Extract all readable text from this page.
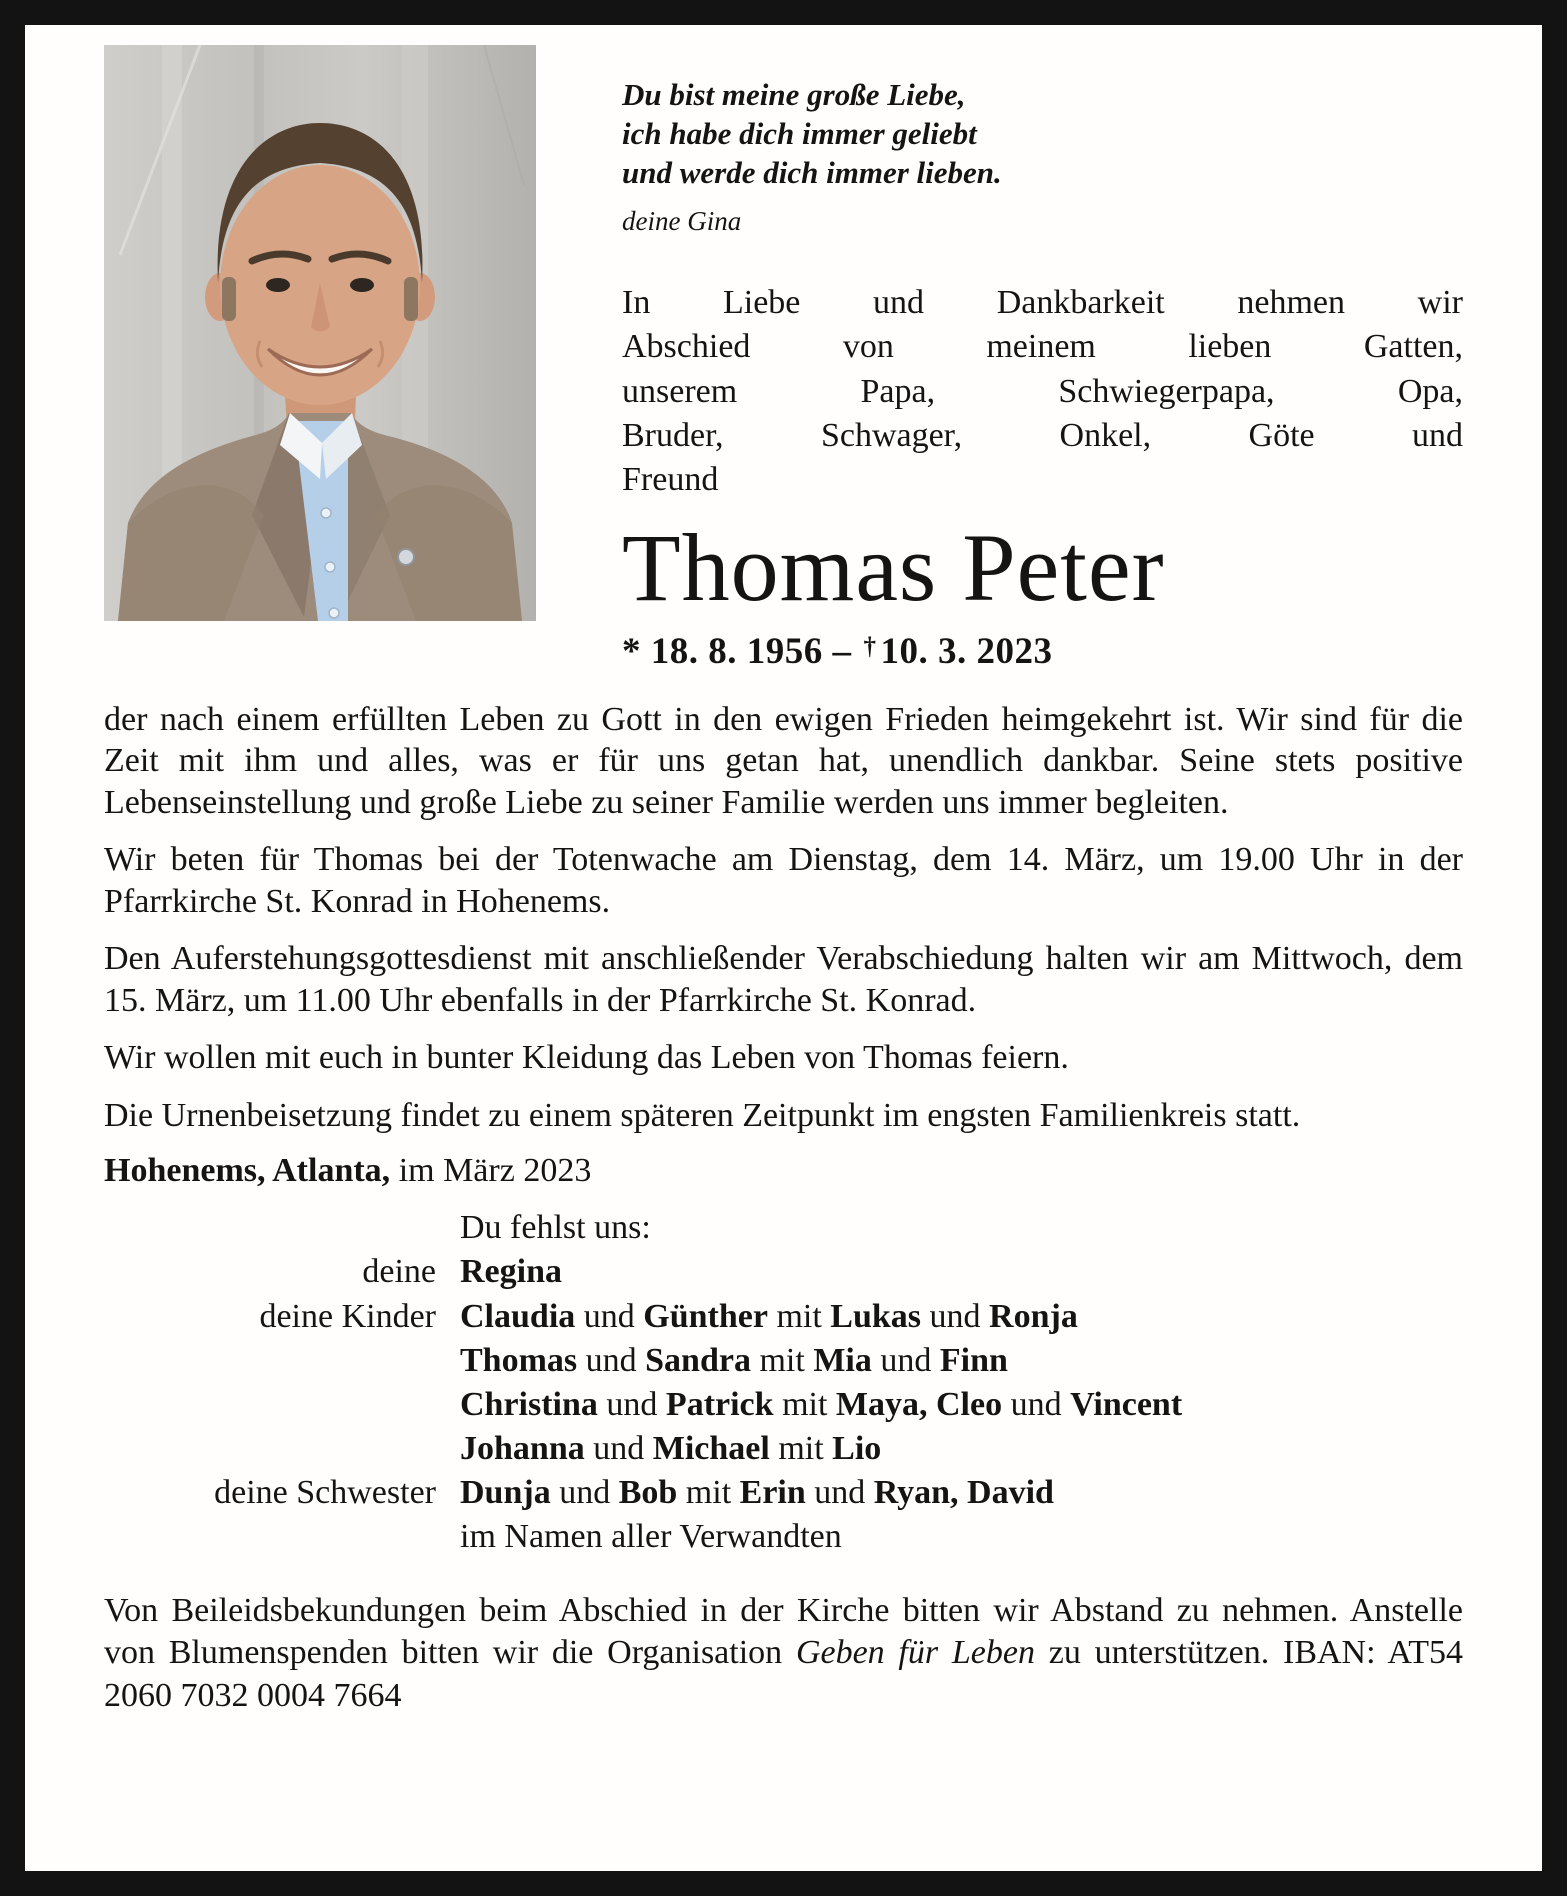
Du bist meine große Liebe,
ich habe dich immer geliebt
und werde dich immer lieben.
deine Gina
In Liebe und Dankbarkeit nehmen wir
Abschied von meinem lieben Gatten,
unserem Papa, Schwiegerpapa, Opa,
Bruder, Schwager, Onkel, Göte und
Freund
Thomas Peter
* 18. 8. 1956 – † 10. 3. 2023

der nach einem erfüllten Leben zu Gott in den ewigen Frieden heimgekehrt ist. Wir sind für die Zeit mit ihm und alles, was er für uns getan hat, unendlich dankbar. Seine stets positive Lebenseinstellung und große Liebe zu seiner Familie werden uns immer begleiten.

Wir beten für Thomas bei der Totenwache am Dienstag, dem 14. März, um 19.00 Uhr in der Pfarrkirche St. Konrad in Hohenems.

Den Auferstehungsgottesdienst mit anschließender Verabschiedung halten wir am Mittwoch, dem 15. März, um 11.00 Uhr ebenfalls in der Pfarrkirche St. Konrad.

Wir wollen mit euch in bunter Kleidung das Leben von Thomas feiern.

Die Urnenbeisetzung findet zu einem späteren Zeitpunkt im engsten Familienkreis statt.

Hohenems, Atlanta, im März 2023
Du fehlst uns:
deine Regina
deine Kinder Claudia und Günther mit Lukas und Ronja
Thomas und Sandra mit Mia und Finn
Christina und Patrick mit Maya, Cleo und Vincent
Johanna und Michael mit Lio
deine Schwester Dunja und Bob mit Erin und Ryan, David
im Namen aller Verwandten
Von Beileidsbekundungen beim Abschied in der Kirche bitten wir Abstand zu nehmen. Anstelle von Blumenspenden bitten wir die Organisation Geben für Leben zu unterstützen. IBAN: AT54 2060 7032 0004 7664
